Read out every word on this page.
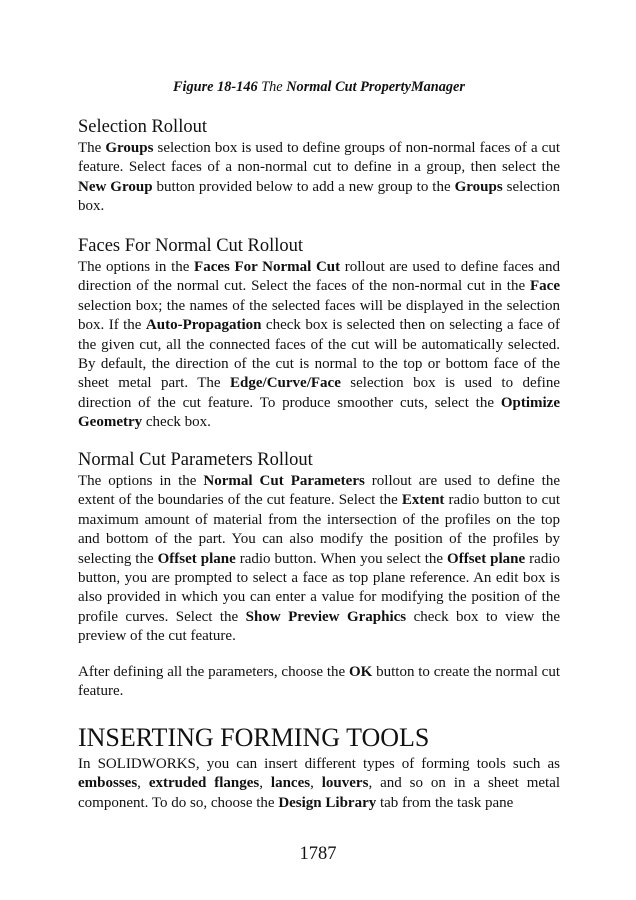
Figure 18-146 The Normal Cut PropertyManager
Selection Rollout

The Groups selection box is used to define groups of non-normal faces of a cut feature. Select faces of a non-normal cut to define in a group, then select the New Group button provided below to add a new group to the Groups selection box.

Faces For Normal Cut Rollout

The options in the Faces For Normal Cut rollout are used to define faces and direction of the normal cut. Select the faces of the non-normal cut in the Face selection box; the names of the selected faces will be displayed in the selection box. If the Auto-Propagation check box is selected then on selecting a face of the given cut, all the connected faces of the cut will be automatically selected. By default, the direction of the cut is normal to the top or bottom face of the sheet metal part. The Edge/Curve/Face selection box is used to define direction of the cut feature. To produce smoother cuts, select the Optimize Geometry check box.

Normal Cut Parameters Rollout

The options in the Normal Cut Parameters rollout are used to define the extent of the boundaries of the cut feature. Select the Extent radio button to cut maximum amount of material from the intersection of the profiles on the top and bottom of the part. You can also modify the position of the profiles by selecting the Offset plane radio button. When you select the Offset plane radio button, you are prompted to select a face as top plane reference. An edit box is also provided in which you can enter a value for modifying the position of the profile curves. Select the Show Preview Graphics check box to view the preview of the cut feature.

After defining all the parameters, choose the OK button to create the normal cut feature.

INSERTING FORMING TOOLS

In SOLIDWORKS, you can insert different types of forming tools such as embosses, extruded flanges, lances, louvers, and so on in a sheet metal component. To do so, choose the Design Library tab from the task pane

1787
